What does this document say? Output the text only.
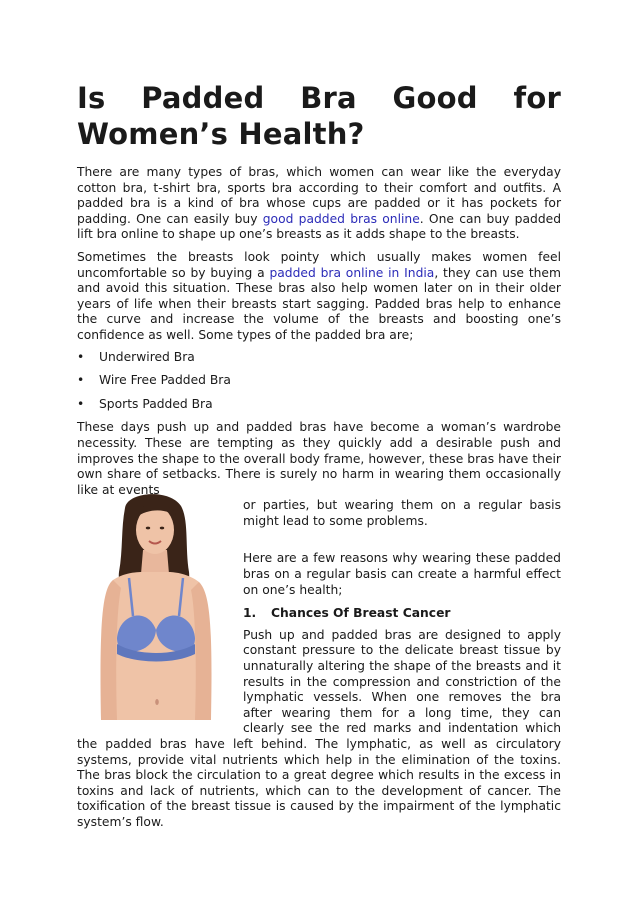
Is Padded Bra Good for
Women’s Health?

There are many types of bras, which women can wear like the everyday cotton bra, t-shirt bra, sports bra according to their comfort and outfits. A padded bra is a kind of bra whose cups are padded or it has pockets for padding. One can easily buy good padded bras online. One can buy padded lift bra online to shape up one’s breasts as it adds shape to the breasts.

Sometimes the breasts look pointy which usually makes women feel uncomfortable so by buying a padded bra online in India, they can use them and avoid this situation. These bras also help women later on in their older years of life when their breasts start sagging. Padded bras help to enhance the curve and increase the volume of the breasts and boosting one’s confidence as well. Some types of the padded bra are;

• Underwired Bra
• Wire Free Padded Bra
• Sports Padded Bra

These days push up and padded bras have become a woman’s wardrobe necessity. These are tempting as they quickly add a desirable push and improves the shape to the overall body frame, however, these bras have their own share of setbacks. There is surely no harm in wearing them occasionally like at events

or parties, but wearing them on a regular basis might lead to some problems.

Here are a few reasons why wearing these padded bras on a regular basis can create a harmful effect on one’s health;

1. Chances Of Breast Cancer

Push up and padded bras are designed to apply constant pressure to the delicate breast tissue by unnaturally altering the shape of the breasts and it results in the compression and constriction of the lymphatic vessels. When one removes the bra after wearing them for a long time, they can clearly see the red marks and indentation which the padded bras have left behind. The lymphatic, as well as circulatory systems, provide vital nutrients which help in the elimination of the toxins. The bras block the circulation to a great degree which results in the excess in toxins and lack of nutrients, which can to the development of cancer. The toxification of the breast tissue is caused by the impairment of the lymphatic system’s flow.
